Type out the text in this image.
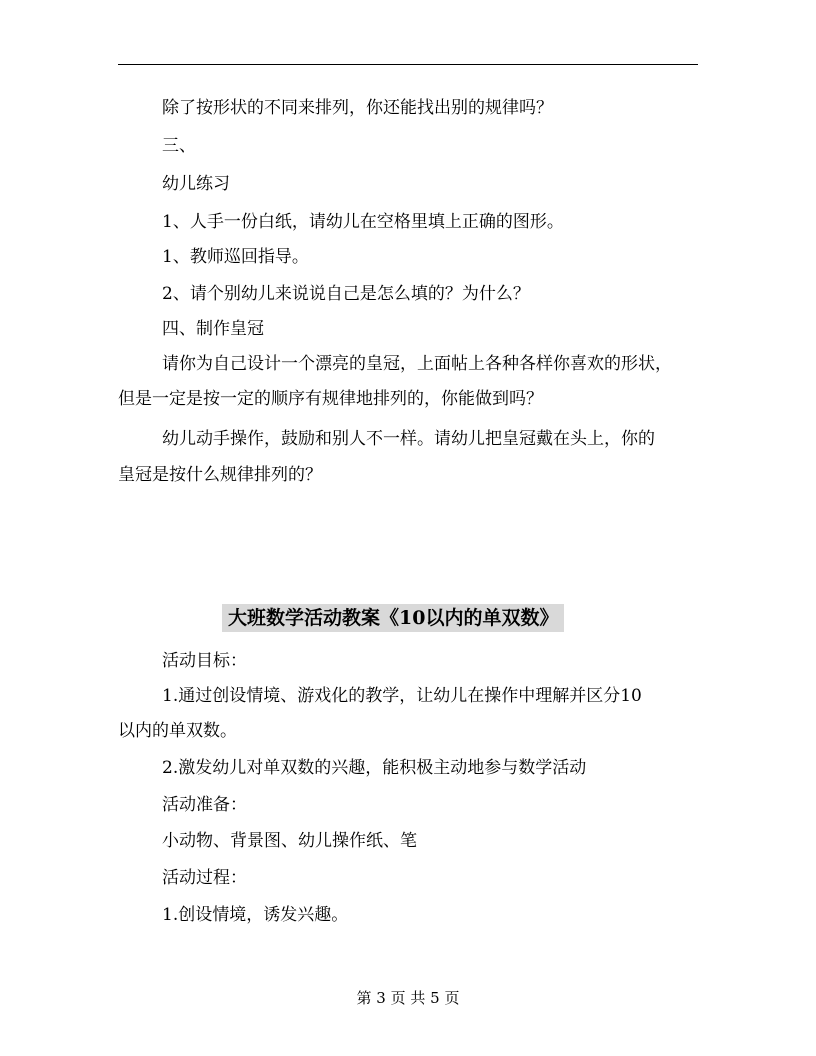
除了按形状的不同来排列，你还能找出别的规律吗？
三、
幼儿练习
1、人手一份白纸，请幼儿在空格里填上正确的图形。
1、教师巡回指导。
2、请个别幼儿来说说自己是怎么填的？为什么？
四、制作皇冠
请你为自己设计一个漂亮的皇冠，上面帖上各种各样你喜欢的形状，
但是一定是按一定的顺序有规律地排列的，你能做到吗？
幼儿动手操作，鼓励和别人不一样。请幼儿把皇冠戴在头上，你的
皇冠是按什么规律排列的？
大班数学活动教案《10以内的单双数》
活动目标：
1.通过创设情境、游戏化的教学，让幼儿在操作中理解并区分10
以内的单双数。
2.激发幼儿对单双数的兴趣，能积极主动地参与数学活动
活动准备：
小动物、背景图、幼儿操作纸、笔
活动过程：
1.创设情境，诱发兴趣。
第 3 页 共 5 页
